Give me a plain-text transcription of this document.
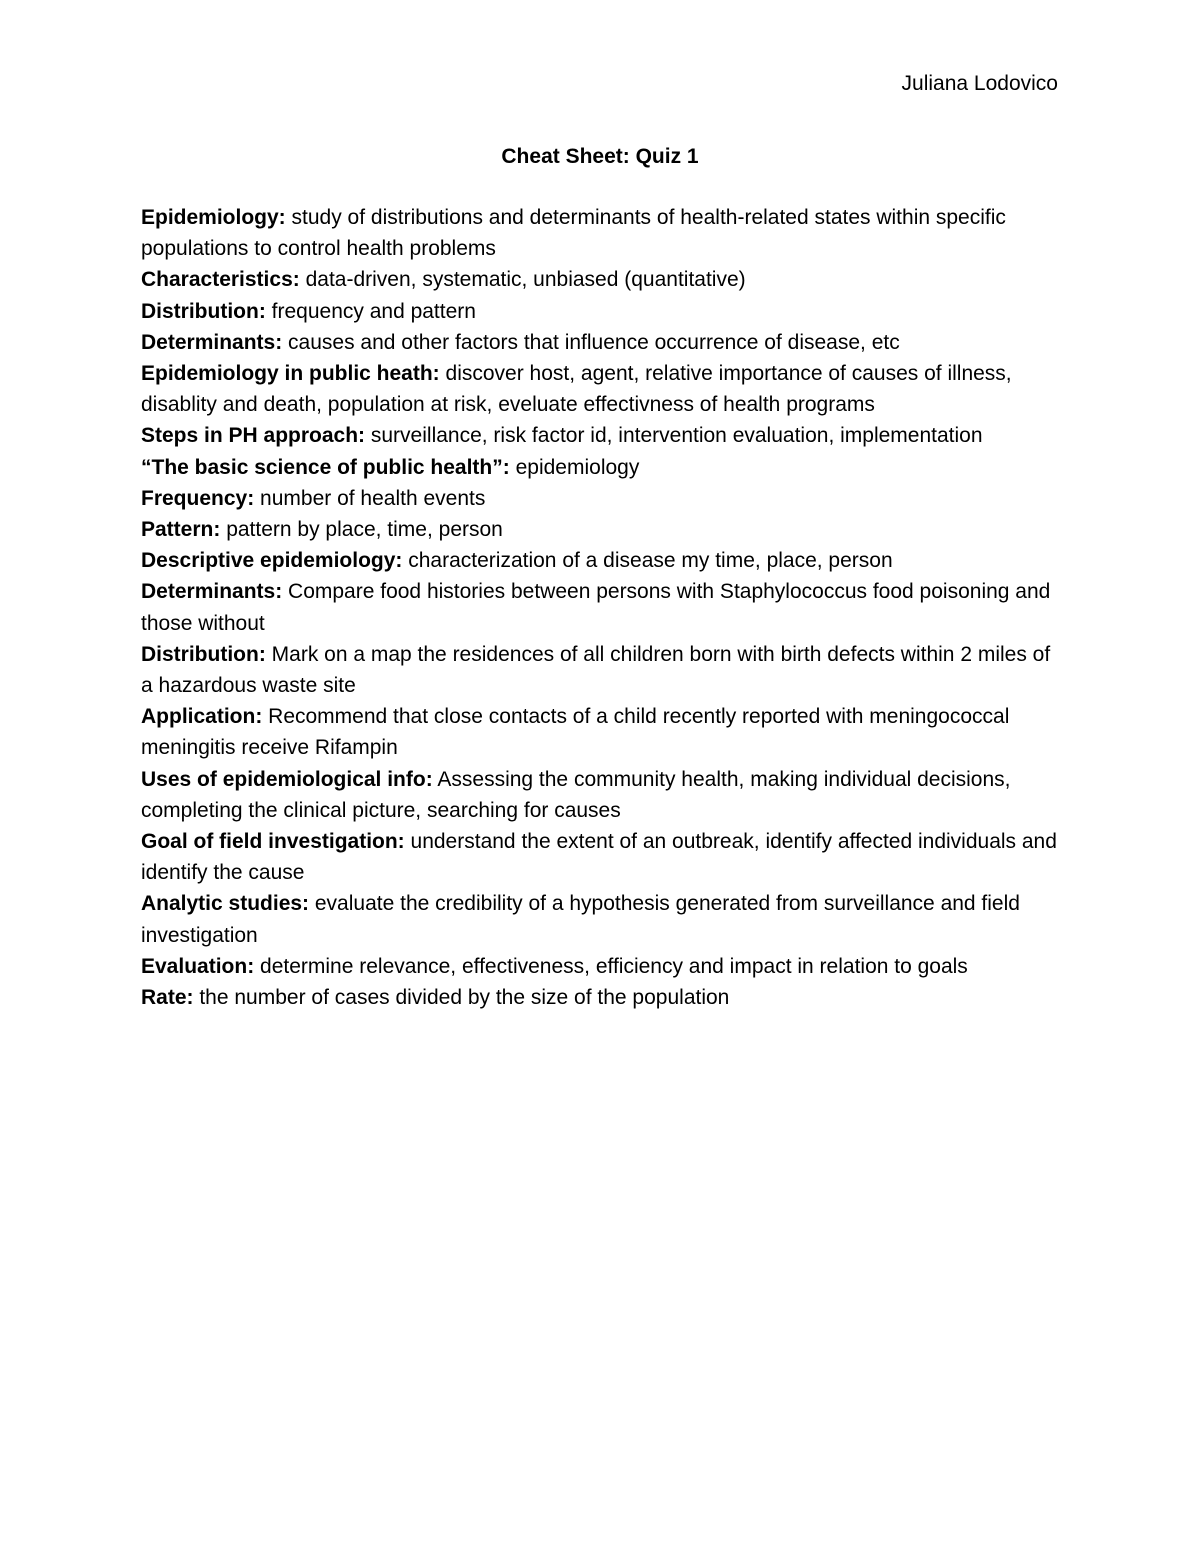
Juliana Lodovico
Cheat Sheet: Quiz 1
Epidemiology: study of distributions and determinants of health-related states within specific populations to control health problems
Characteristics: data-driven, systematic, unbiased (quantitative)
Distribution: frequency and pattern
Determinants: causes and other factors that influence occurrence of disease, etc
Epidemiology in public heath: discover host, agent, relative importance of causes of illness, disablity and death, population at risk, eveluate effectivness of health programs
Steps in PH approach: surveillance, risk factor id, intervention evaluation, implementation
“The basic science of public health”: epidemiology
Frequency: number of health events
Pattern: pattern by place, time, person
Descriptive epidemiology: characterization of a disease my time, place, person
Determinants: Compare food histories between persons with Staphylococcus food poisoning and those without
Distribution: Mark on a map the residences of all children born with birth defects within 2 miles of a hazardous waste site
Application: Recommend that close contacts of a child recently reported with meningococcal meningitis receive Rifampin
Uses of epidemiological info: Assessing the community health, making individual decisions, completing the clinical picture, searching for causes
Goal of field investigation: understand the extent of an outbreak, identify affected individuals and identify the cause
Analytic studies: evaluate the credibility of a hypothesis generated from surveillance and field investigation
Evaluation: determine relevance, effectiveness, efficiency and impact in relation to goals
Rate: the number of cases divided by the size of the population
